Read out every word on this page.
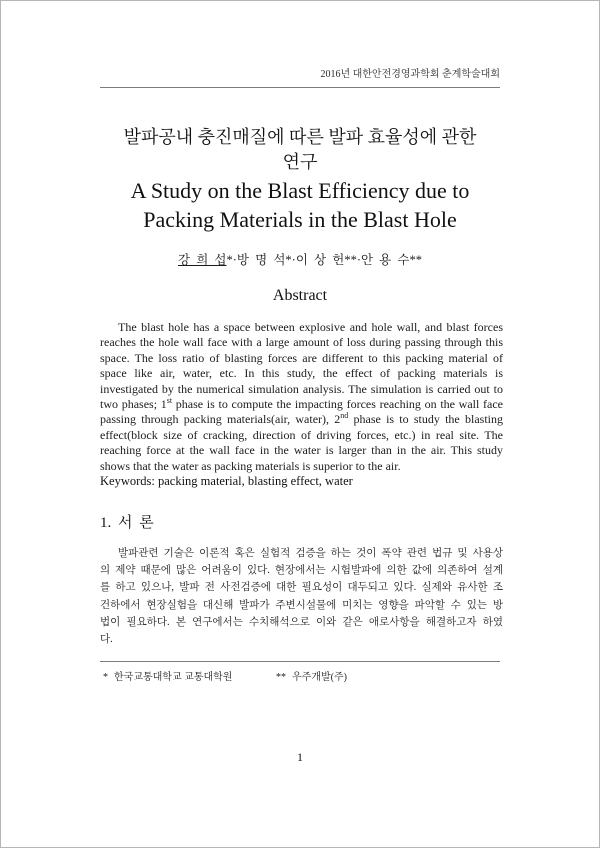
2016년 대한안전경영과학회 춘계학술대회
발파공내 충진매질에 따른 발파 효율성에 관한
연구
A Study on the Blast Efficiency due to
Packing Materials in the Blast Hole
강 희 섭*·방 명 석*·이 상 헌**·안 용 수**
Abstract
The blast hole has a space between explosive and hole wall, and blast forces
reaches the hole wall face with a large amount of loss during passing through this
space. The loss ratio of blasting forces are different to this packing material of
space like air, water, etc. In this study, the effect of packing materials is
investigated by the numerical simulation analysis. The simulation is carried out to
two phases; 1st phase is to compute the impacting forces reaching on the wall face
passing through packing materials(air, water), 2nd phase is to study the blasting
effect(block size of cracking, direction of driving forces, etc.) in real site. The
reaching force at the wall face in the water is larger than in the air. This study
shows that the water as packing materials is superior to the air.
Keywords: packing material, blasting effect, water
1. 서 론
발파관련 기술은 이론적 혹은 실험적 검증을 하는 것이 폭약 관련 법규 및 사용상
의 제약 때문에 많은 어려움이 있다. 현장에서는 시험발파에 의한 값에 의존하여 설계
를 하고 있으나, 발파 전 사전검증에 대한 필요성이 대두되고 있다. 실제와 유사한 조
건하에서 현장실험을 대신해 발파가 주변시설물에 미치는 영향을 파악할 수 있는 방
법이 필요하다. 본 연구에서는 수치해석으로 이와 같은 애로사항을 해결하고자 하였
다.
* 한국교통대학교 교통대학원	** 우주개발(주)
1
